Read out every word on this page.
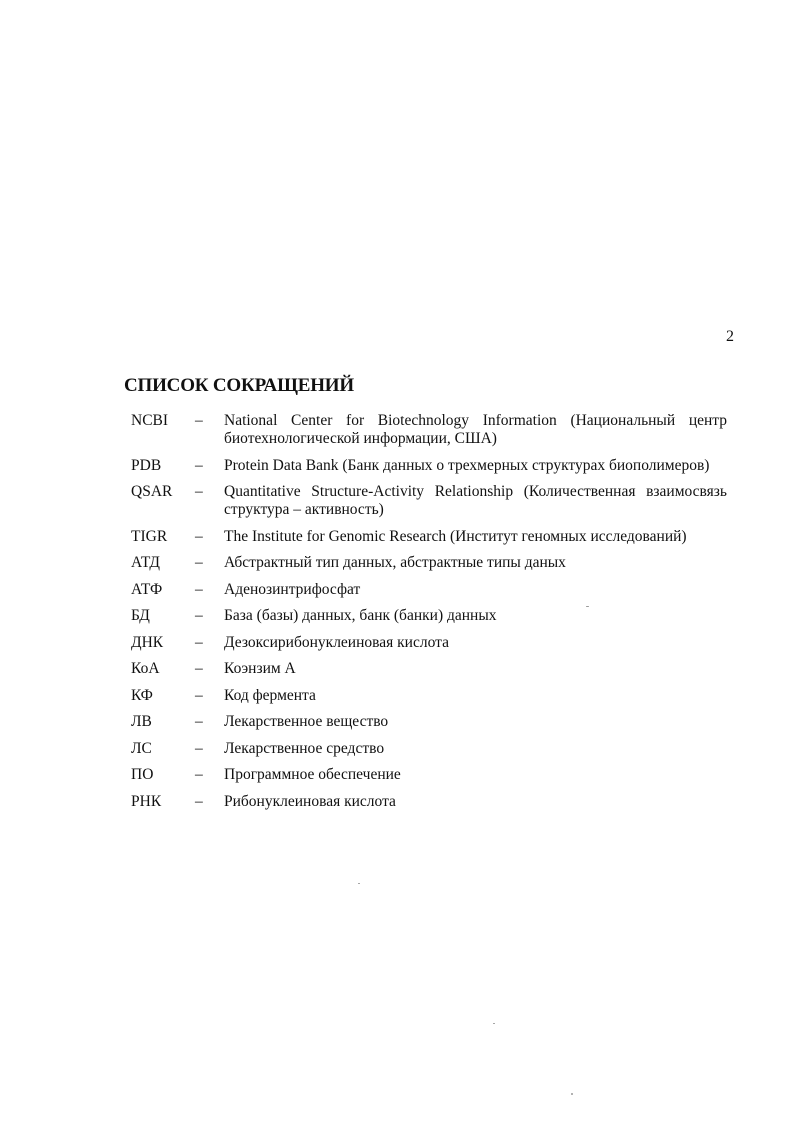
2
СПИСОК СОКРАЩЕНИЙ
NCBI	–	National Center for Biotechnology Information (Национальный центр биотехнологической информации, США)
PDB	–	Protein Data Bank (Банк данных о трехмерных структурах биополимеров)
QSAR	–	Quantitative Structure-Activity Relationship (Количественная взаимосвязь структура – активность)
TIGR	–	The Institute for Genomic Research (Институт геномных исследований)
АТД	–	Абстрактный тип данных, абстрактные типы даных
АТФ	–	Аденозинтрифосфат
БД	–	База (базы) данных, банк (банки) данных
ДНК	–	Дезоксирибонуклеиновая кислота
КоА	–	Коэнзим А
КФ	–	Код фермента
ЛВ	–	Лекарственное вещество
ЛС	–	Лекарственное средство
ПО	–	Программное обеспечение
РНК	–	Рибонуклеиновая кислота
